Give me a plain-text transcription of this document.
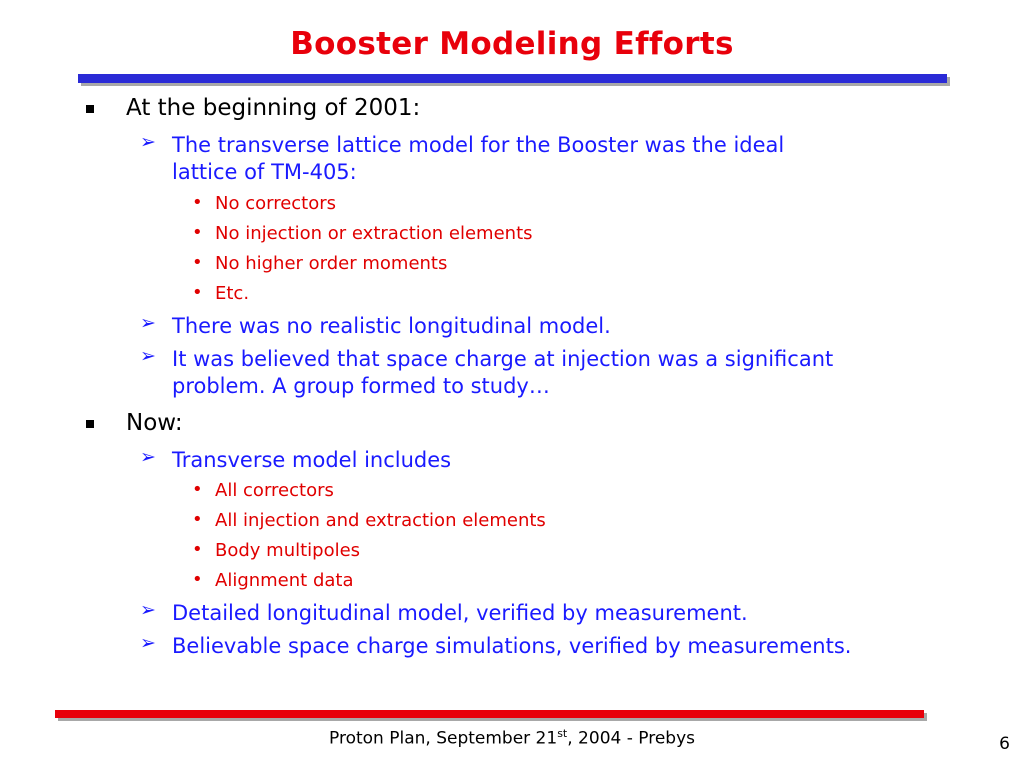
Booster Modeling Efforts
At the beginning of 2001:
➢ The transverse lattice model for the Booster was the ideal
lattice of TM-405:
• No correctors
• No injection or extraction elements
• No higher order moments
• Etc.
➢ There was no realistic longitudinal model.
➢ It was believed that space charge at injection was a significant
problem. A group formed to study…
Now:
➢ Transverse model includes
• All correctors
• All injection and extraction elements
• Body multipoles
• Alignment data
➢ Detailed longitudinal model, verified by measurement.
➢ Believable space charge simulations, verified by measurements.
Proton Plan, September 21st, 2004 - Prebys	6
